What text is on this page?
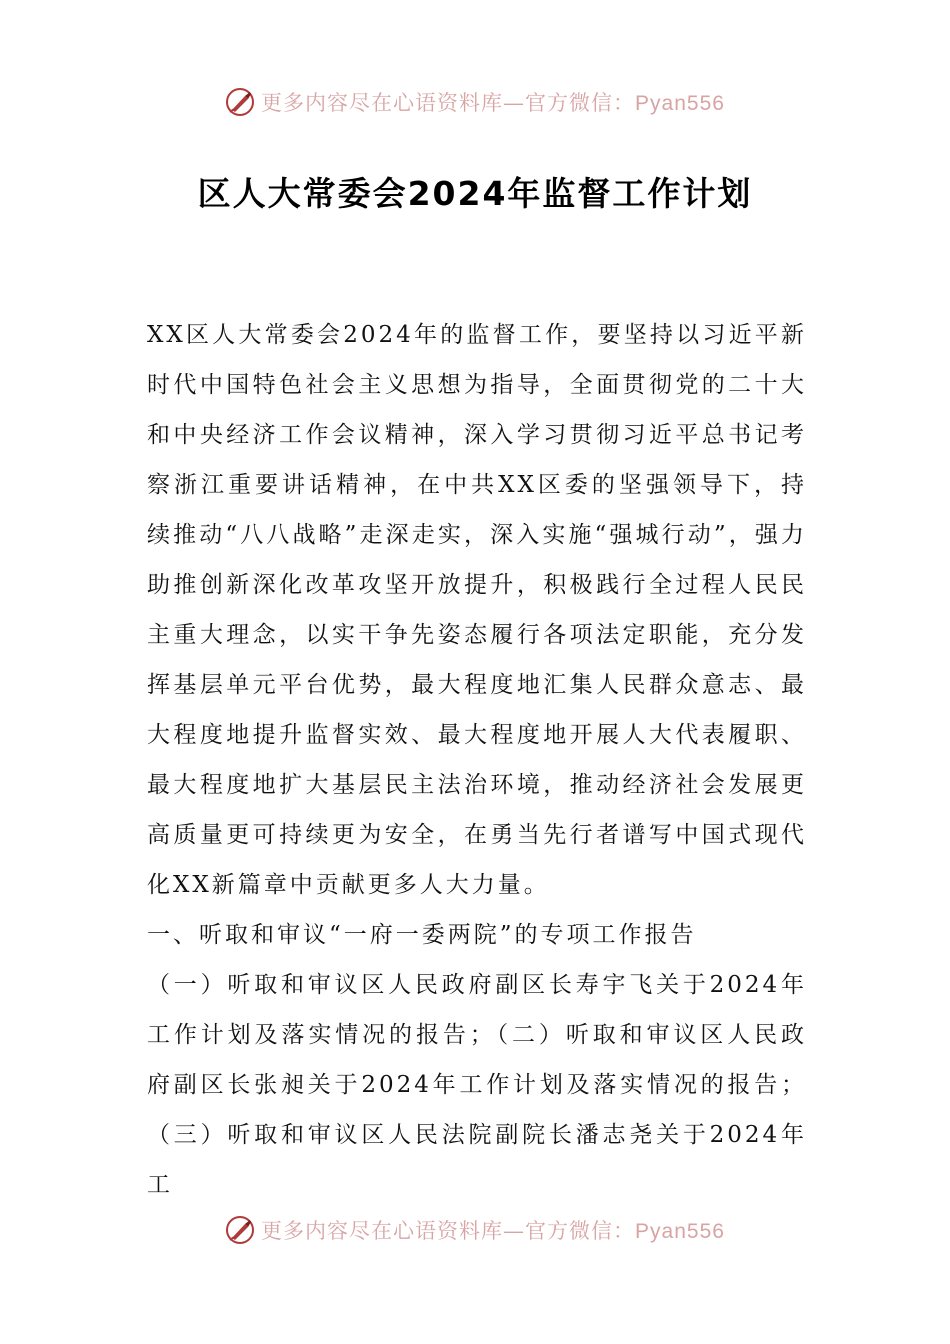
更多内容尽在心语资料库—官方微信：Pyan556
区人大常委会2024年监督工作计划

XX区人大常委会2024年的监督工作，要坚持以习近平新时代中国特色社会主义思想为指导，全面贯彻党的二十大和中央经济工作会议精神，深入学习贯彻习近平总书记考察浙江重要讲话精神，在中共XX区委的坚强领导下，持续推动“八八战略”走深走实，深入实施“强城行动”，强力助推创新深化改革攻坚开放提升，积极践行全过程人民民主重大理念，以实干争先姿态履行各项法定职能，充分发挥基层单元平台优势，最大程度地汇集人民群众意志、最大程度地提升监督实效、最大程度地开展人大代表履职、最大程度地扩大基层民主法治环境，推动经济社会发展更高质量更可持续更为安全，在勇当先行者谱写中国式现代化XX新篇章中贡献更多人大力量。

一、听取和审议“一府一委两院”的专项工作报告

（一）听取和审议区人民政府副区长寿宇飞关于2024年工作计划及落实情况的报告；（二）听取和审议区人民政府副区长张昶关于2024年工作计划及落实情况的报告；（三）听取和审议区人民法院副院长潘志尧关于2024年工

更多内容尽在心语资料库—官方微信：Pyan556
